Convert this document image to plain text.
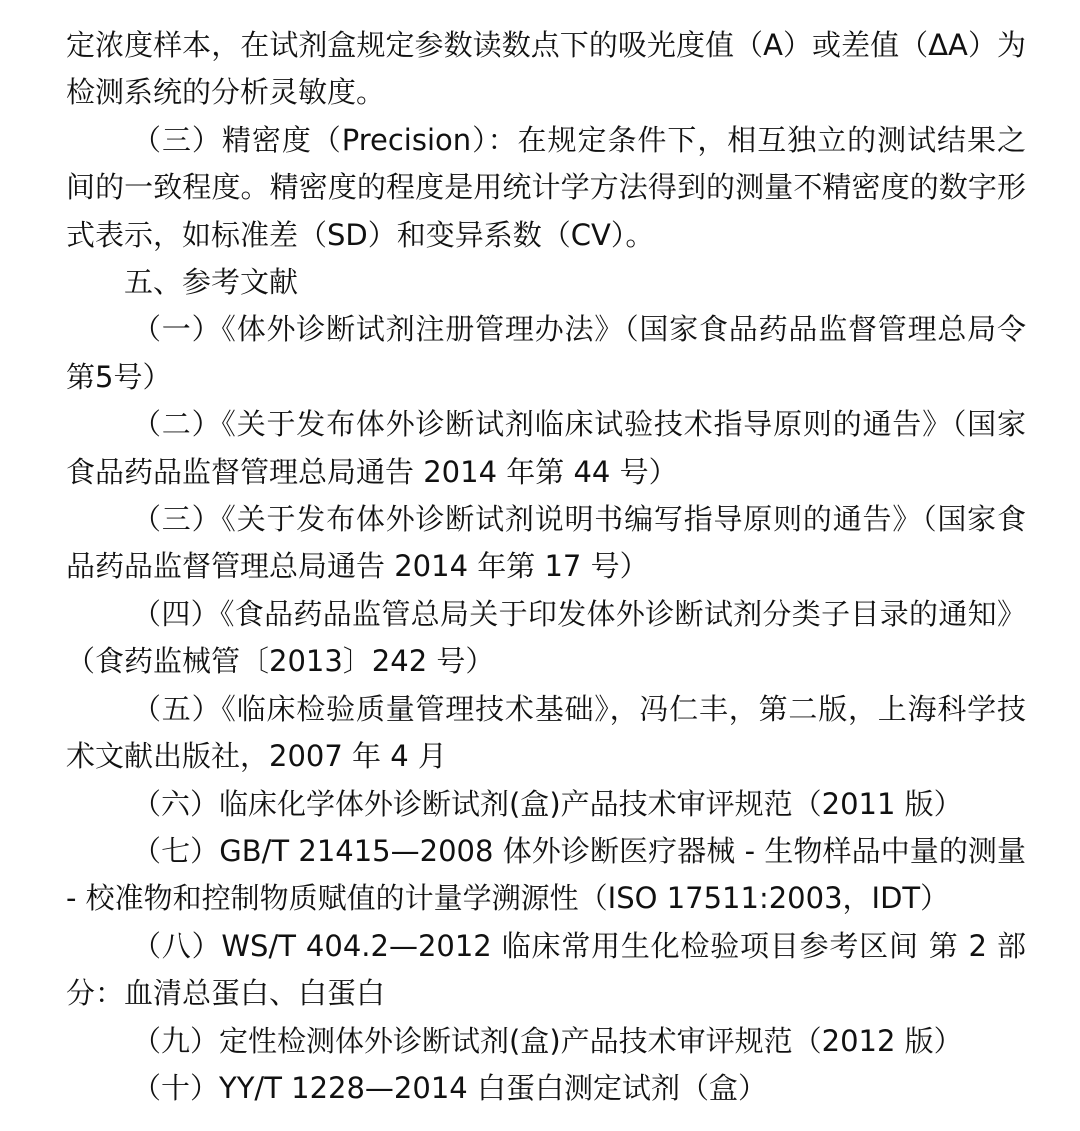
定浓度样本，在试剂盒规定参数读数点下的吸光度值（A）或差值（ΔA）为检测系统的分析灵敏度。

（三）精密度（Precision）：在规定条件下，相互独立的测试结果之间的一致程度。精密度的程度是用统计学方法得到的测量不精密度的数字形式表示，如标准差（SD）和变异系数（CV）。

五、参考文献

（一）《体外诊断试剂注册管理办法》（国家食品药品监督管理总局令第5号）

（二）《关于发布体外诊断试剂临床试验技术指导原则的通告》（国家食品药品监督管理总局通告 2014 年第 44 号）

（三）《关于发布体外诊断试剂说明书编写指导原则的通告》（国家食品药品监督管理总局通告 2014 年第 17 号）

（四）《食品药品监管总局关于印发体外诊断试剂分类子目录的通知》（食药监械管〔2013〕242 号）

（五）《临床检验质量管理技术基础》，冯仁丰，第二版，上海科学技术文献出版社，2007 年 4 月

（六）临床化学体外诊断试剂(盒)产品技术审评规范（2011 版）

（七）GB/T 21415—2008 体外诊断医疗器械 - 生物样品中量的测量 - 校准物和控制物质赋值的计量学溯源性（ISO 17511:2003，IDT）

（八）WS/T 404.2—2012 临床常用生化检验项目参考区间 第 2 部分：血清总蛋白、白蛋白

（九）定性检测体外诊断试剂(盒)产品技术审评规范（2012 版）

（十）YY/T 1228—2014 白蛋白测定试剂（盒）
